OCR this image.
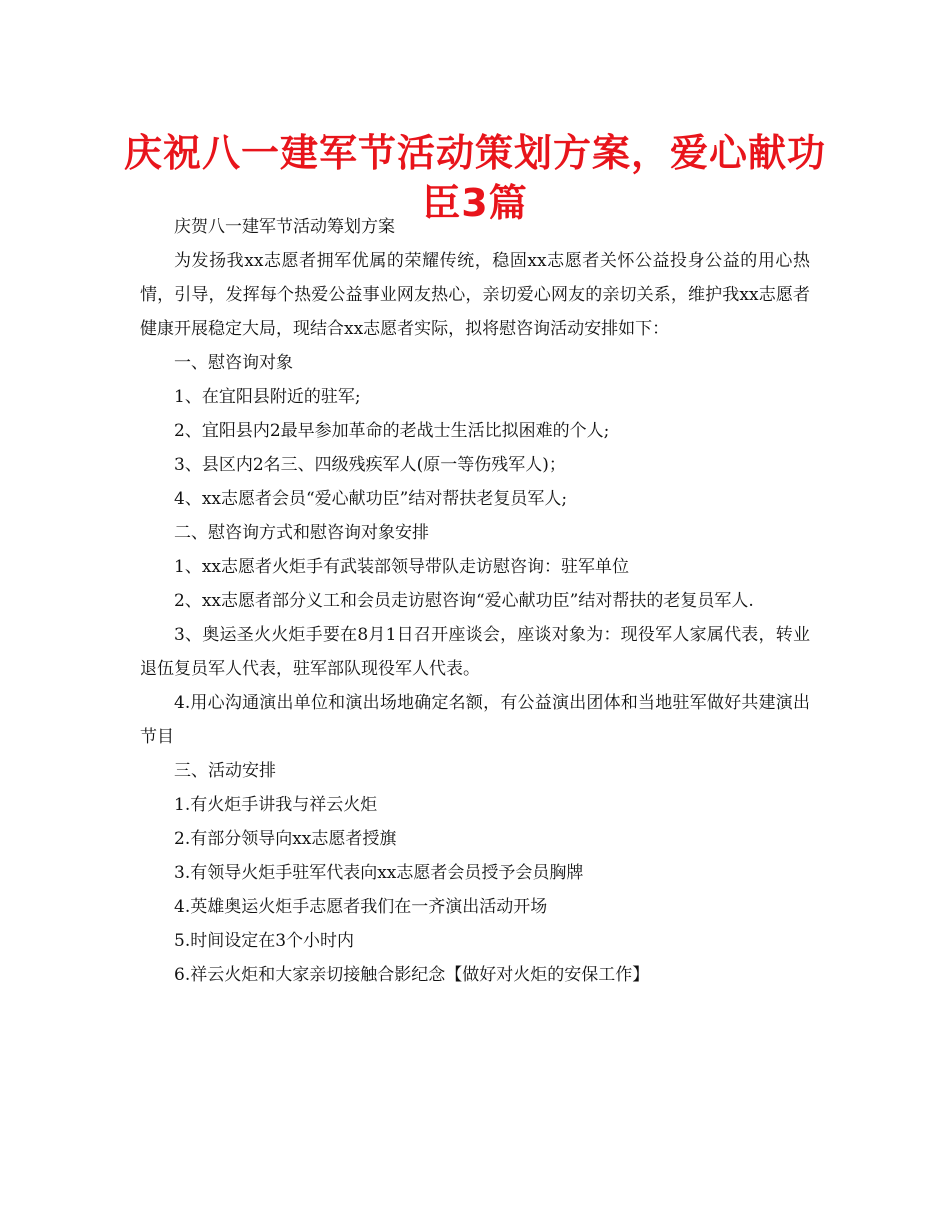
庆祝八一建军节活动策划方案，爱心献功臣3篇

庆贺八一建军节活动筹划方案

为发扬我xx志愿者拥军优属的荣耀传统，稳固xx志愿者关怀公益投身公益的用心热情，引导，发挥每个热爱公益事业网友热心，亲切爱心网友的亲切关系，维护我xx志愿者健康开展稳定大局，现结合xx志愿者实际，拟将慰咨询活动安排如下：

一、慰咨询对象

1、在宜阳县附近的驻军;

2、宜阳县内2最早参加革命的老战士生活比拟困难的个人;

3、县区内2名三、四级残疾军人(原一等伤残军人)；

4、xx志愿者会员“爱心献功臣”结对帮扶老复员军人;

二、慰咨询方式和慰咨询对象安排

1、xx志愿者火炬手有武装部领导带队走访慰咨询：驻军单位

2、xx志愿者部分义工和会员走访慰咨询“爱心献功臣”结对帮扶的老复员军人.

3、奥运圣火火炬手要在8月1日召开座谈会，座谈对象为：现役军人家属代表，转业退伍复员军人代表，驻军部队现役军人代表。

4.用心沟通演出单位和演出场地确定名额，有公益演出团体和当地驻军做好共建演出节目

三、活动安排

1.有火炬手讲我与祥云火炬

2.有部分领导向xx志愿者授旗

3.有领导火炬手驻军代表向xx志愿者会员授予会员胸牌

4.英雄奥运火炬手志愿者我们在一齐演出活动开场

5.时间设定在3个小时内

6.祥云火炬和大家亲切接触合影纪念【做好对火炬的安保工作】
